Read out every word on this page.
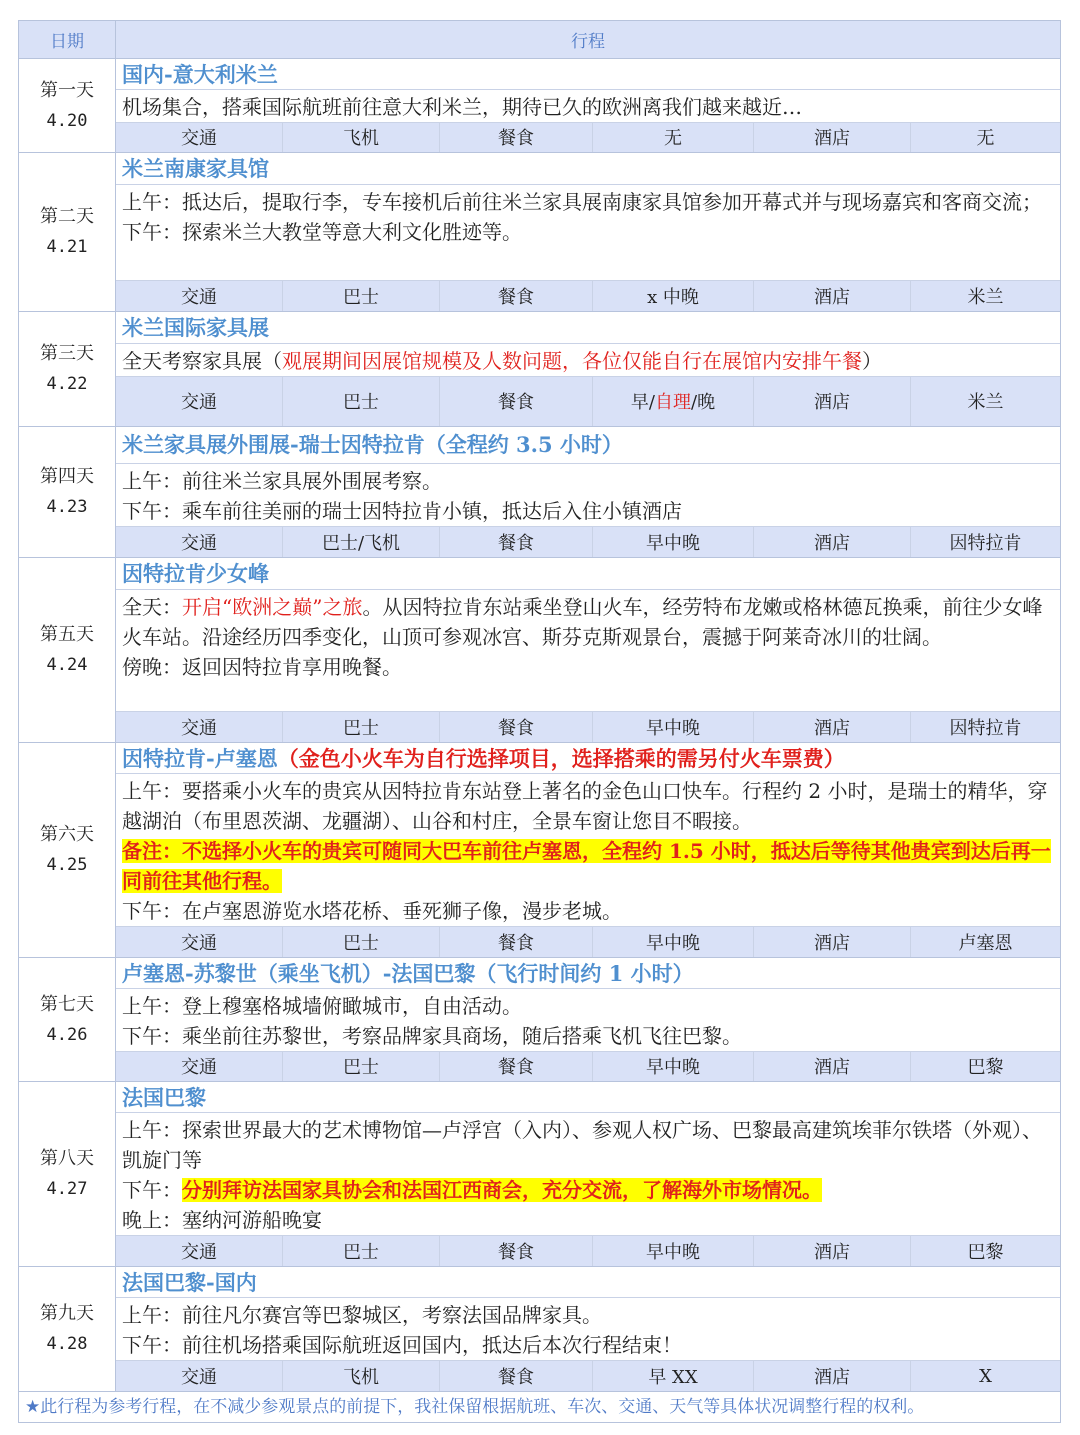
日期	行程
第一天
4.20
国内-意大利米兰

机场集合，搭乘国际航班前往意大利米兰，期待已久的欧洲离我们越来越近…

交通	飞机	餐食	无	酒店	无
第二天
4.21
米兰南康家具馆

上午：抵达后，提取行李，专车接机后前往米兰家具展南康家具馆参加开幕式并与现场嘉宾和客商交流；

下午：探索米兰大教堂等意大利文化胜迹等。

交通	巴士	餐食	x 中晚	酒店	米兰
第三天
4.22
米兰国际家具展

全天考察家具展（观展期间因展馆规模及人数问题，各位仅能自行在展馆内安排午餐）

交通	巴士	餐食	早/ 自理 /晚	酒店	米兰
第四天
4.23
米兰家具展外围展-瑞士因特拉肯（全程约 3.5 小时）

上午：前往米兰家具展外围展考察。

下午：乘车前往美丽的瑞士因特拉肯小镇，抵达后入住小镇酒店

交通	巴士/飞机	餐食	早中晚	酒店	因特拉肯
第五天
4.24
因特拉肯少女峰

全天：开启“欧洲之巅”之旅。从因特拉肯东站乘坐登山火车，经劳特布龙嫩或格林德瓦换乘，前往少女峰火车站。沿途经历四季变化，山顶可参观冰宫、斯芬克斯观景台，震撼于阿莱奇冰川的壮阔。

傍晚：返回因特拉肯享用晚餐。

交通	巴士	餐食	早中晚	酒店	因特拉肯
第六天
4.25
因特拉肯-卢塞恩（金色小火车为自行选择项目，选择搭乘的需另付火车票费）

上午：要搭乘小火车的贵宾从因特拉肯东站登上著名的金色山口快车。行程约 2 小时，是瑞士的精华，穿越湖泊（布里恩茨湖、龙疆湖）、山谷和村庄，全景车窗让您目不暇接。

备注：不选择小火车的贵宾可随同大巴车前往卢塞恩，全程约 1.5 小时，抵达后等待其他贵宾到达后再一同前往其他行程。

下午：在卢塞恩游览水塔花桥、垂死狮子像，漫步老城。

交通	巴士	餐食	早中晚	酒店	卢塞恩
第七天
4.26
卢塞恩-苏黎世（乘坐飞机）-法国巴黎（飞行时间约 1 小时）

上午：登上穆塞格城墙俯瞰城市，自由活动。

下午：乘坐前往苏黎世，考察品牌家具商场，随后搭乘飞机飞往巴黎。

交通	巴士	餐食	早中晚	酒店	巴黎
第八天
4.27
法国巴黎

上午：探索世界最大的艺术博物馆—卢浮宫（入内）、参观人权广场、巴黎最高建筑埃菲尔铁塔（外观）、凯旋门等

下午：分别拜访法国家具协会和法国江西商会，充分交流，了解海外市场情况。

晚上：塞纳河游船晚宴

交通	巴士	餐食	早中晚	酒店	巴黎
第九天
4.28
法国巴黎-国内

上午：前往凡尔赛宫等巴黎城区，考察法国品牌家具。

下午：前往机场搭乘国际航班返回国内，抵达后本次行程结束！

交通	飞机	餐食	早 XX	酒店	X
★此行程为参考行程，在不减少参观景点的前提下，我社保留根据航班、车次、交通、天气等具体状况调整行程的权利。
